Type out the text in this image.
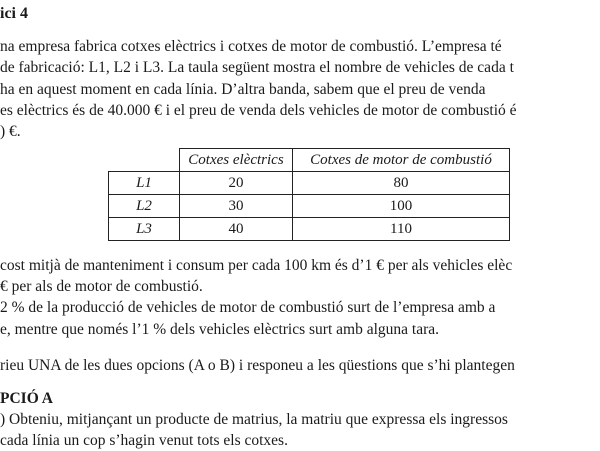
ici 4
na empresa fabrica cotxes elèctrics i cotxes de motor de combustió. L’empresa té
de fabricació: L1, L2 i L3. La taula següent mostra el nombre de vehicles de cada t
ha en aquest moment en cada línia. D’altra banda, sabem que el preu de venda
es elèctrics és de 40.000 € i el preu de venda dels vehicles de motor de combustió é
) €.
	Cotxes elèctrics	Cotxes de motor de combustió
L1	20	80
L2	30	100
L3	40	110
cost mitjà de manteniment i consum per cada 100 km és d’1 € per als vehicles elèc
€ per als de motor de combustió.
2 % de la producció de vehicles de motor de combustió surt de l’empresa amb a
e, mentre que només l’1 % dels vehicles elèctrics surt amb alguna tara.
rieu UNA de les dues opcions (A o B) i responeu a les qüestions que s’hi plantegen
PCIÓ A
) Obteniu, mitjançant un producte de matrius, la matriu que expressa els ingressos
cada línia un cop s’hagin venut tots els cotxes.
